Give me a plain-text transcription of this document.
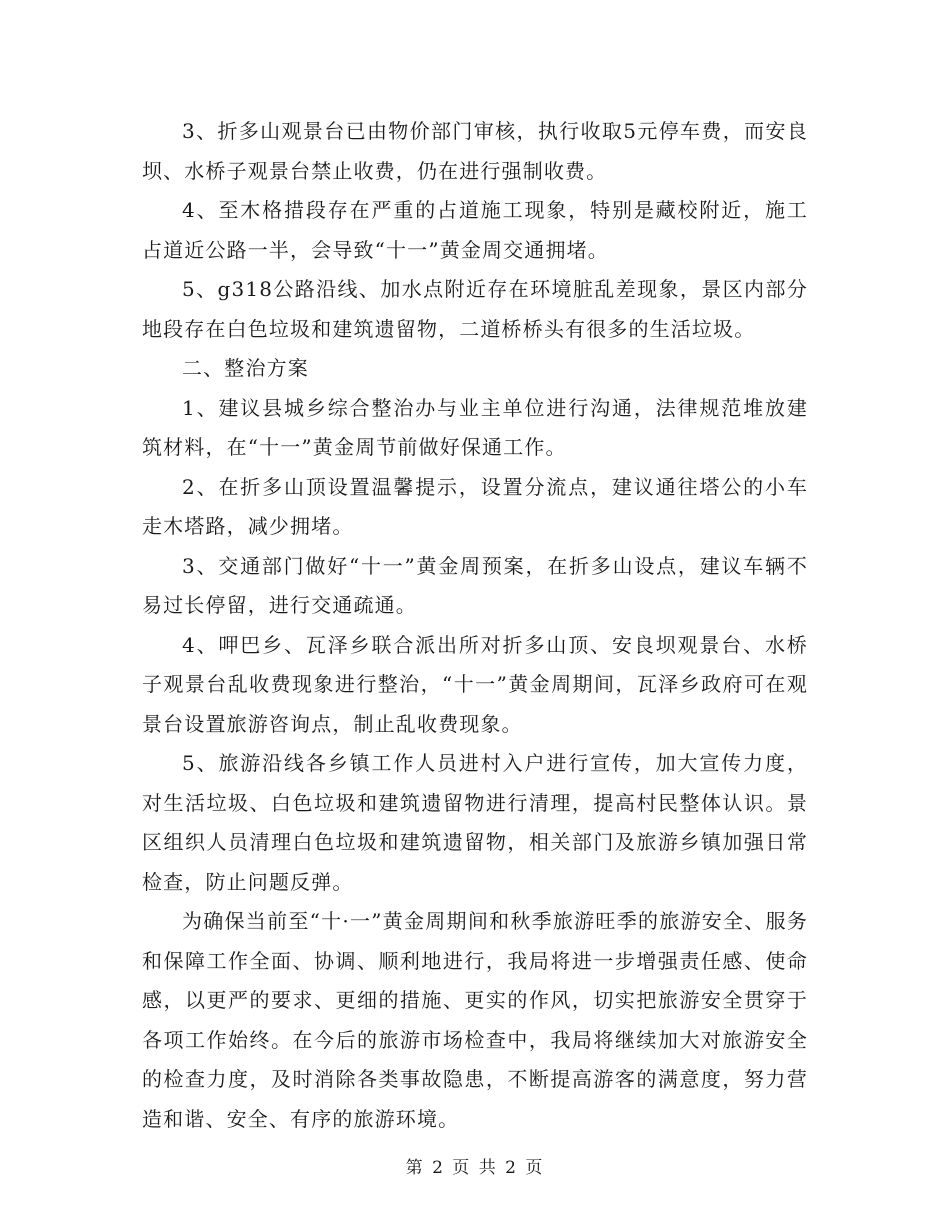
3、折多山观景台已由物价部门审核，执行收取5元停车费，而安良坝、水桥子观景台禁止收费，仍在进行强制收费。

4、至木格措段存在严重的占道施工现象，特别是藏校附近，施工占道近公路一半，会导致“十一”黄金周交通拥堵。

5、g318公路沿线、加水点附近存在环境脏乱差现象，景区内部分地段存在白色垃圾和建筑遗留物，二道桥桥头有很多的生活垃圾。

二、整治方案

1、建议县城乡综合整治办与业主单位进行沟通，法律规范堆放建筑材料，在“十一”黄金周节前做好保通工作。

2、在折多山顶设置温馨提示，设置分流点，建议通往塔公的小车走木塔路，减少拥堵。

3、交通部门做好“十一”黄金周预案，在折多山设点，建议车辆不易过长停留，进行交通疏通。

4、呷巴乡、瓦泽乡联合派出所对折多山顶、安良坝观景台、水桥子观景台乱收费现象进行整治，“十一”黄金周期间，瓦泽乡政府可在观景台设置旅游咨询点，制止乱收费现象。

5、旅游沿线各乡镇工作人员进村入户进行宣传，加大宣传力度，对生活垃圾、白色垃圾和建筑遗留物进行清理，提高村民整体认识。景区组织人员清理白色垃圾和建筑遗留物，相关部门及旅游乡镇加强日常检查，防止问题反弹。

为确保当前至“十·一”黄金周期间和秋季旅游旺季的旅游安全、服务和保障工作全面、协调、顺利地进行，我局将进一步增强责任感、使命感，以更严的要求、更细的措施、更实的作风，切实把旅游安全贯穿于各项工作始终。在今后的旅游市场检查中，我局将继续加大对旅游安全的检查力度，及时消除各类事故隐患，不断提高游客的满意度，努力营造和谐、安全、有序的旅游环境。

第 2 页 共 2 页
